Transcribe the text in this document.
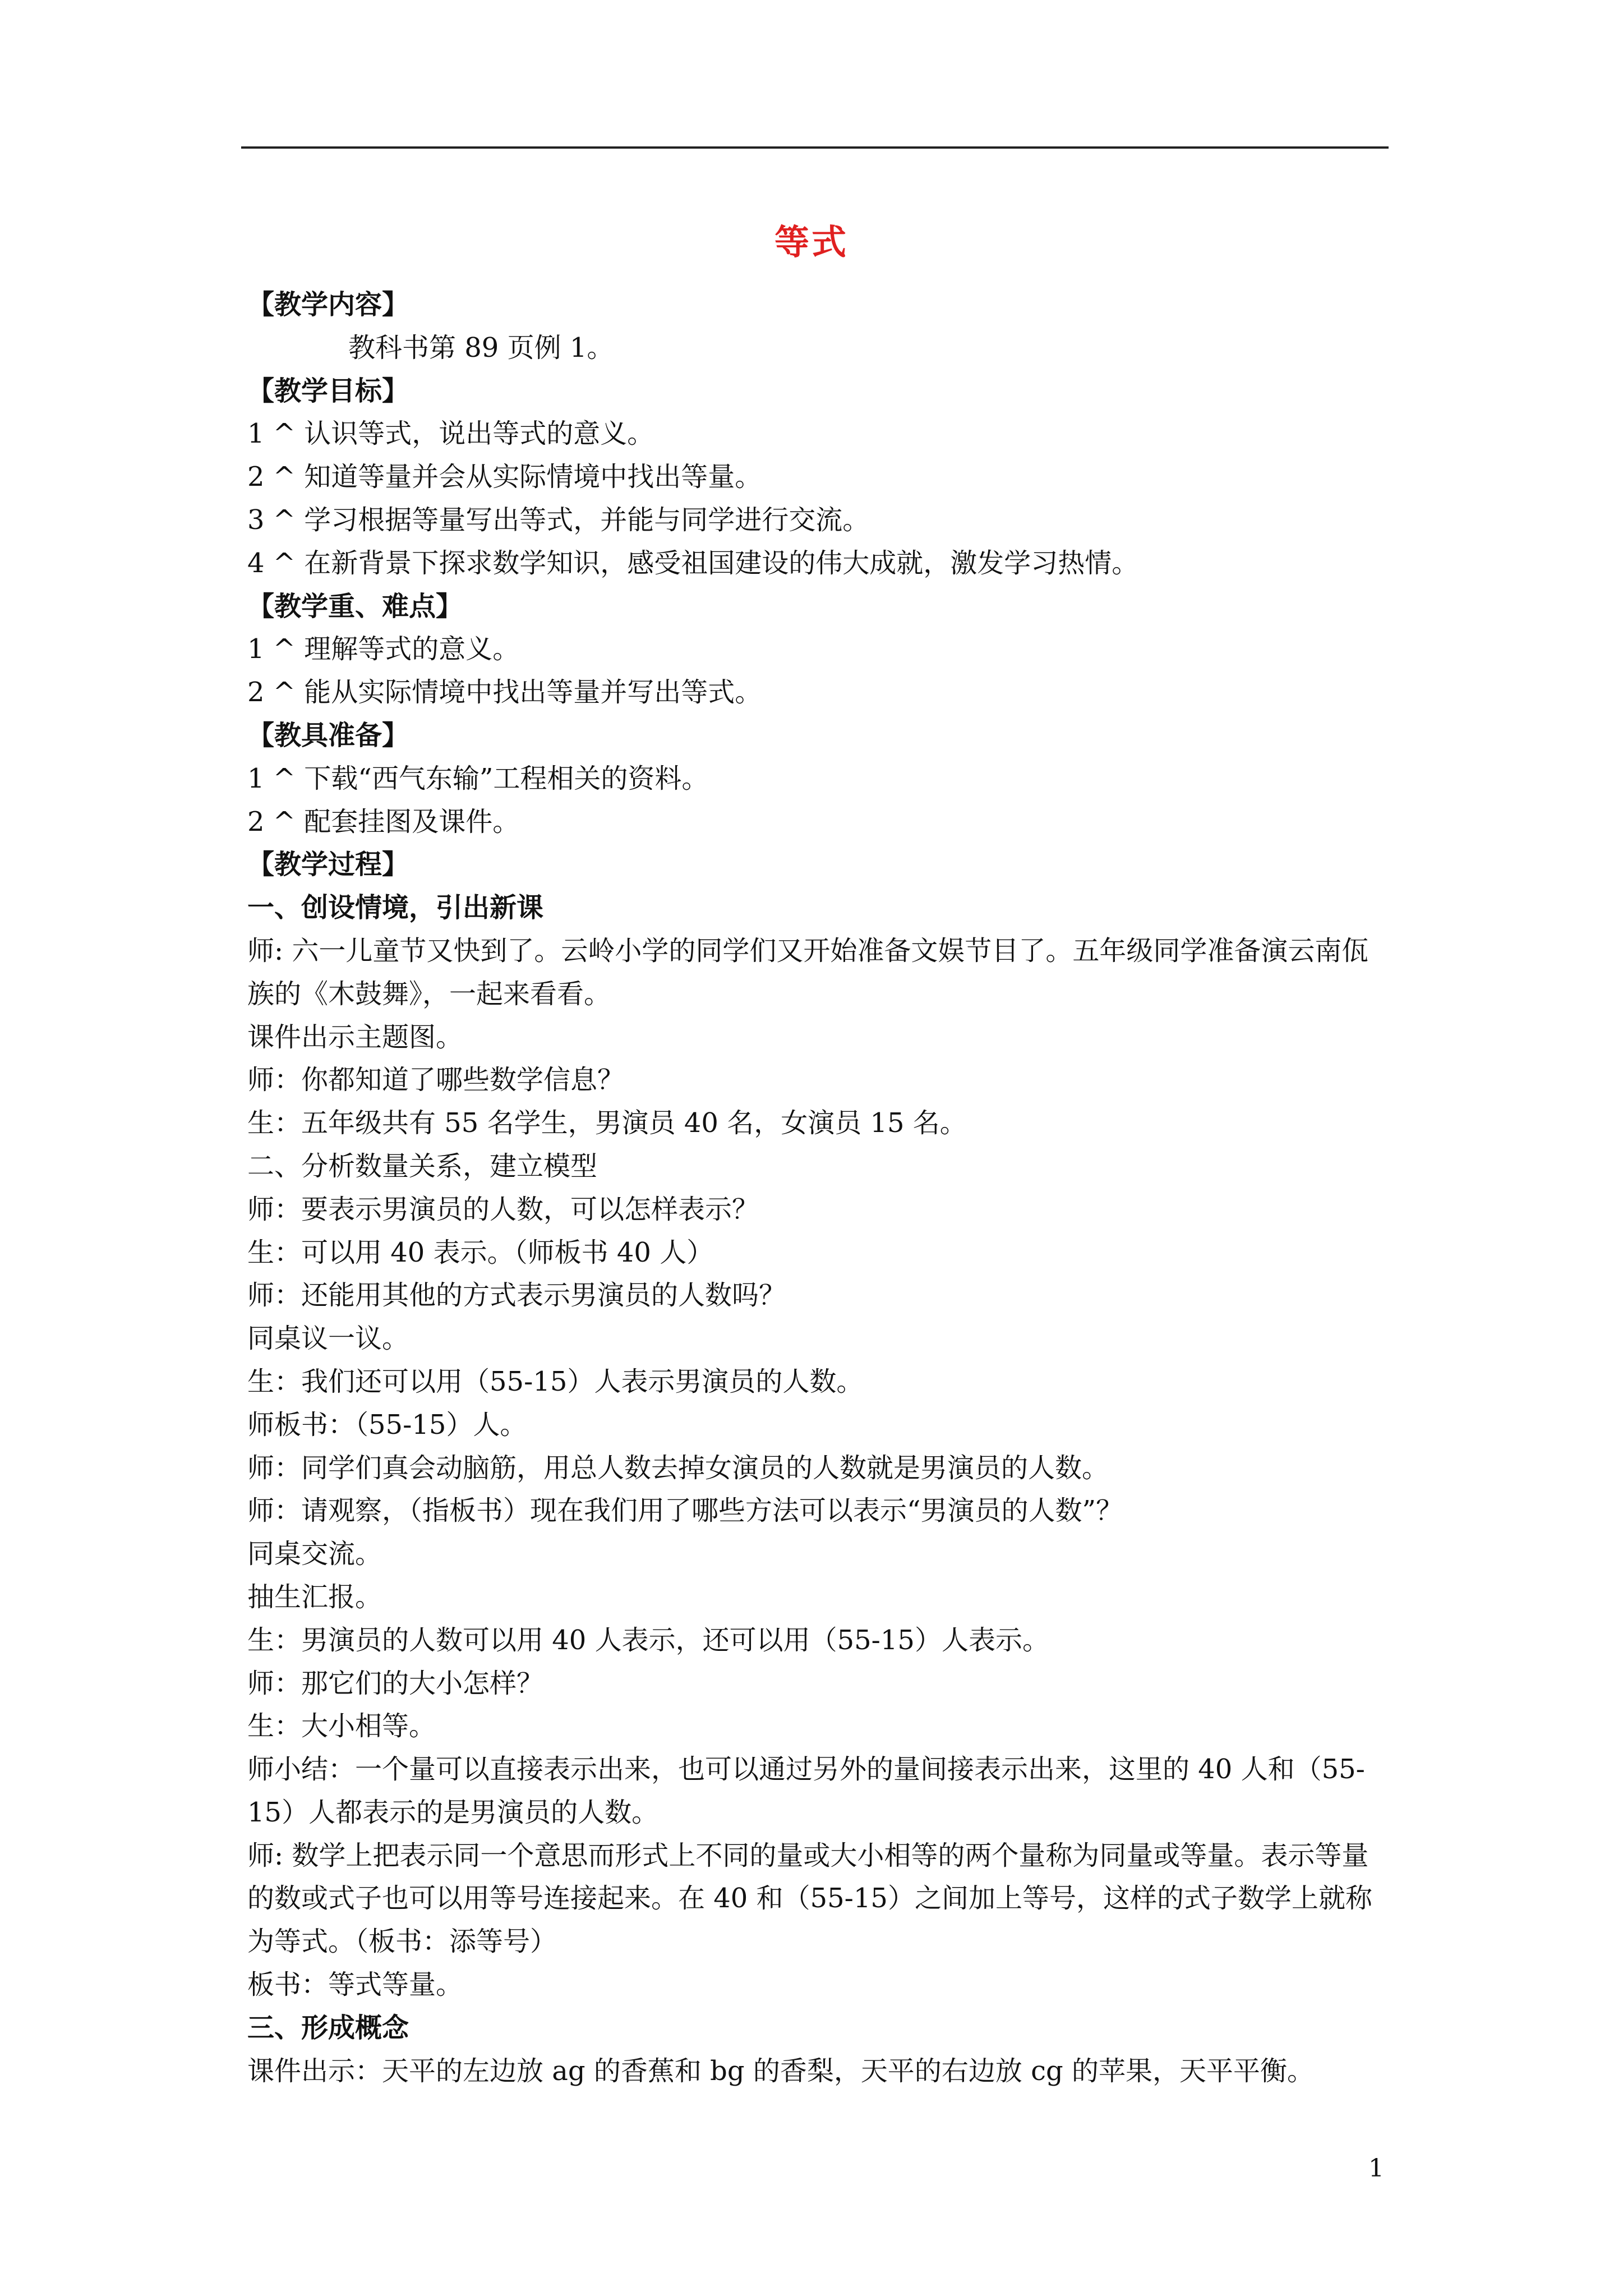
等式
【教学内容】
教科书第 89 页例 1。
【教学目标】
1 ^ 认识等式，说出等式的意义。
2 ^ 知道等量并会从实际情境中找出等量。
3 ^ 学习根据等量写出等式，并能与同学进行交流。
4 ^ 在新背景下探求数学知识，感受祖国建设的伟大成就，激发学习热情。
【教学重、难点】
1 ^ 理解等式的意义。
2 ^ 能从实际情境中找出等量并写出等式。
【教具准备】
1 ^ 下载“西气东输”工程相关的资料。
2 ^ 配套挂图及课件。
【教学过程】
一、创设情境，引出新课
师: 六一儿童节又快到了。云岭小学的同学们又开始准备文娱节目了。五年级同学准备演云南佤族的《木鼓舞》，一起来看看。
课件出示主题图。
师：你都知道了哪些数学信息？
生：五年级共有 55 名学生，男演员 40 名，女演员 15 名。
二、分析数量关系，建立模型
师：要表示男演员的人数，可以怎样表示？
生：可以用 40 表示。（师板书 40 人）
师：还能用其他的方式表示男演员的人数吗？
同桌议一议。
生：我们还可以用（55-15）人表示男演员的人数。
师板书：（55-15）人。
师：同学们真会动脑筋，用总人数去掉女演员的人数就是男演员的人数。
师：请观察，（指板书）现在我们用了哪些方法可以表示“男演员的人数”？
同桌交流。
抽生汇报。
生：男演员的人数可以用 40 人表示，还可以用（55-15）人表示。
师：那它们的大小怎样？
生：大小相等。
师小结：一个量可以直接表示出来，也可以通过另外的量间接表示出来，这里的 40 人和（55-15）人都表示的是男演员的人数。
师: 数学上把表示同一个意思而形式上不同的量或大小相等的两个量称为同量或等量。表示等量的数或式子也可以用等号连接起来。在 40 和（55-15）之间加上等号，这样的式子数学上就称为等式。（板书：添等号）
板书：等式等量。
三、形成概念
课件出示：天平的左边放 ag 的香蕉和 bg 的香梨，天平的右边放 cg 的苹果，天平平衡。
1
